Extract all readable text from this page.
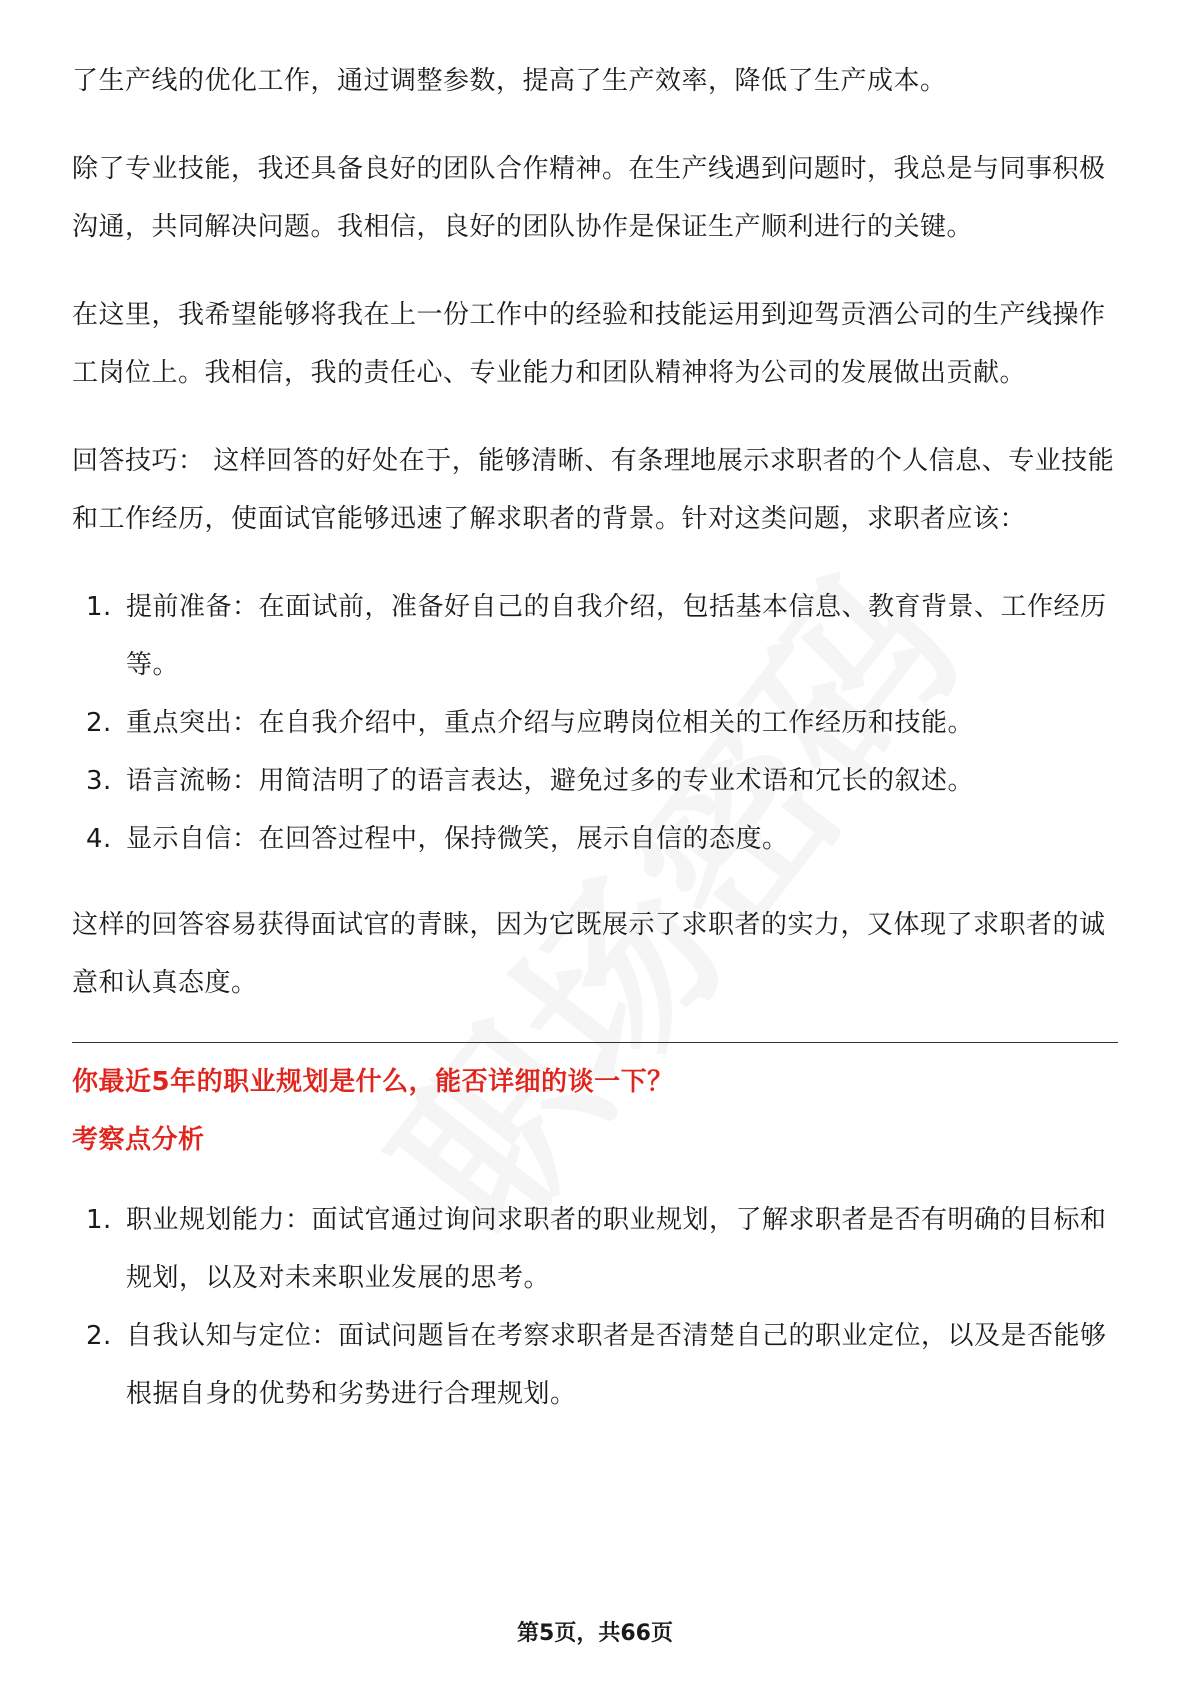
了生产线的优化工作，通过调整参数，提高了生产效率，降低了生产成本。

除了专业技能，我还具备良好的团队合作精神。在生产线遇到问题时，我总是与同事积极沟通，共同解决问题。我相信，良好的团队协作是保证生产顺利进行的关键。

在这里，我希望能够将我在上一份工作中的经验和技能运用到迎驾贡酒公司的生产线操作工岗位上。我相信，我的责任心、专业能力和团队精神将为公司的发展做出贡献。

回答技巧： 这样回答的好处在于，能够清晰、有条理地展示求职者的个人信息、专业技能和工作经历，使面试官能够迅速了解求职者的背景。针对这类问题，求职者应该：

1. 提前准备：在面试前，准备好自己的自我介绍，包括基本信息、教育背景、工作经历等。
2. 重点突出：在自我介绍中，重点介绍与应聘岗位相关的工作经历和技能。
3. 语言流畅：用简洁明了的语言表达，避免过多的专业术语和冗长的叙述。
4. 显示自信：在回答过程中，保持微笑，展示自信的态度。

这样的回答容易获得面试官的青睐，因为它既展示了求职者的实力，又体现了求职者的诚意和认真态度。

你最近5年的职业规划是什么，能否详细的谈一下？

考察点分析

1. 职业规划能力：面试官通过询问求职者的职业规划，了解求职者是否有明确的目标和规划，以及对未来职业发展的思考。
2. 自我认知与定位：面试问题旨在考察求职者是否清楚自己的职业定位，以及是否能够根据自身的优势和劣势进行合理规划。
第5页，共66页
